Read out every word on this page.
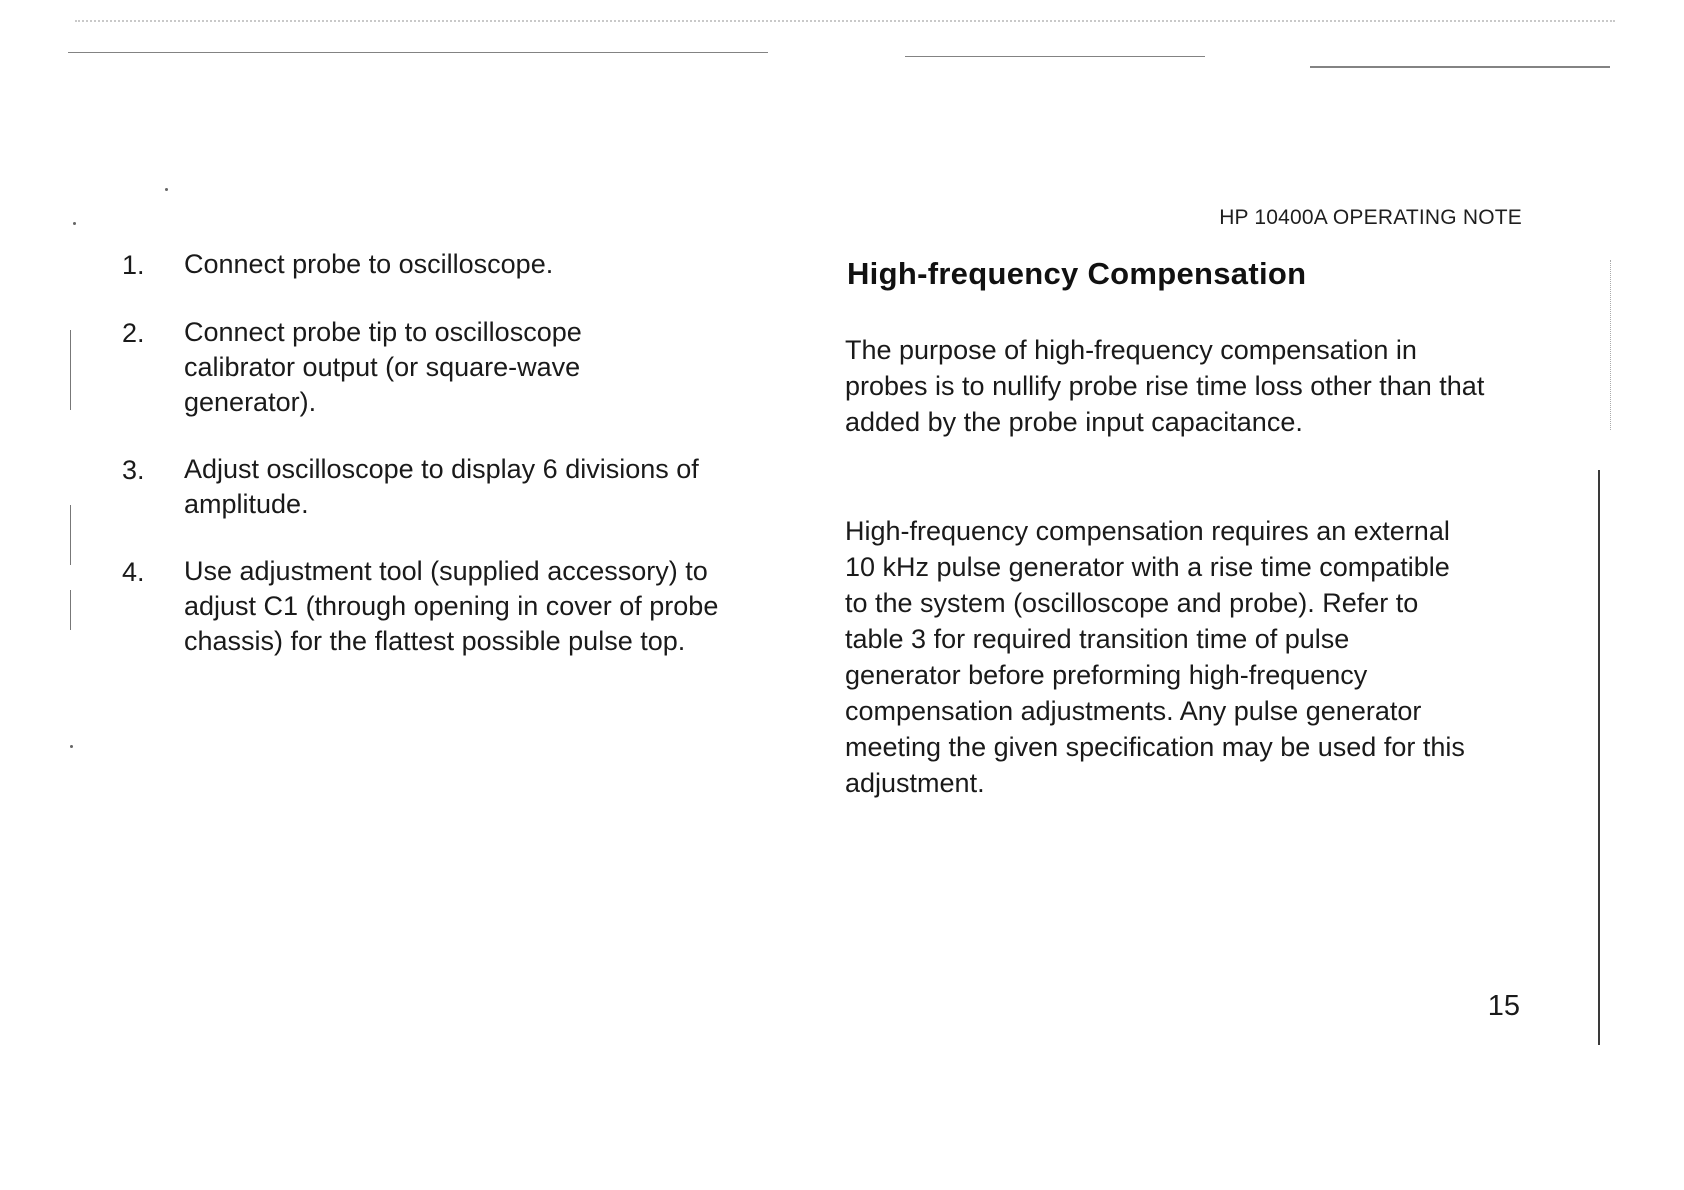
HP 10400A OPERATING NOTE
1.	Connect probe to oscilloscope.
2.	Connect probe tip to oscilloscope calibrator output (or square-wave generator).
3.	Adjust oscilloscope to display 6 divisions of amplitude.
4.	Use adjustment tool (supplied accessory) to adjust C1 (through opening in cover of probe chassis) for the flattest possible pulse top.
High-frequency Compensation

The purpose of high-frequency compensation in probes is to nullify probe rise time loss other than that added by the probe input capacitance.

High-frequency compensation requires an external 10 kHz pulse generator with a rise time compatible to the system (oscilloscope and probe). Refer to table 3 for required transition time of pulse generator before preforming high-frequency compensation adjustments. Any pulse generator meeting the given specification may be used for this adjustment.

15
